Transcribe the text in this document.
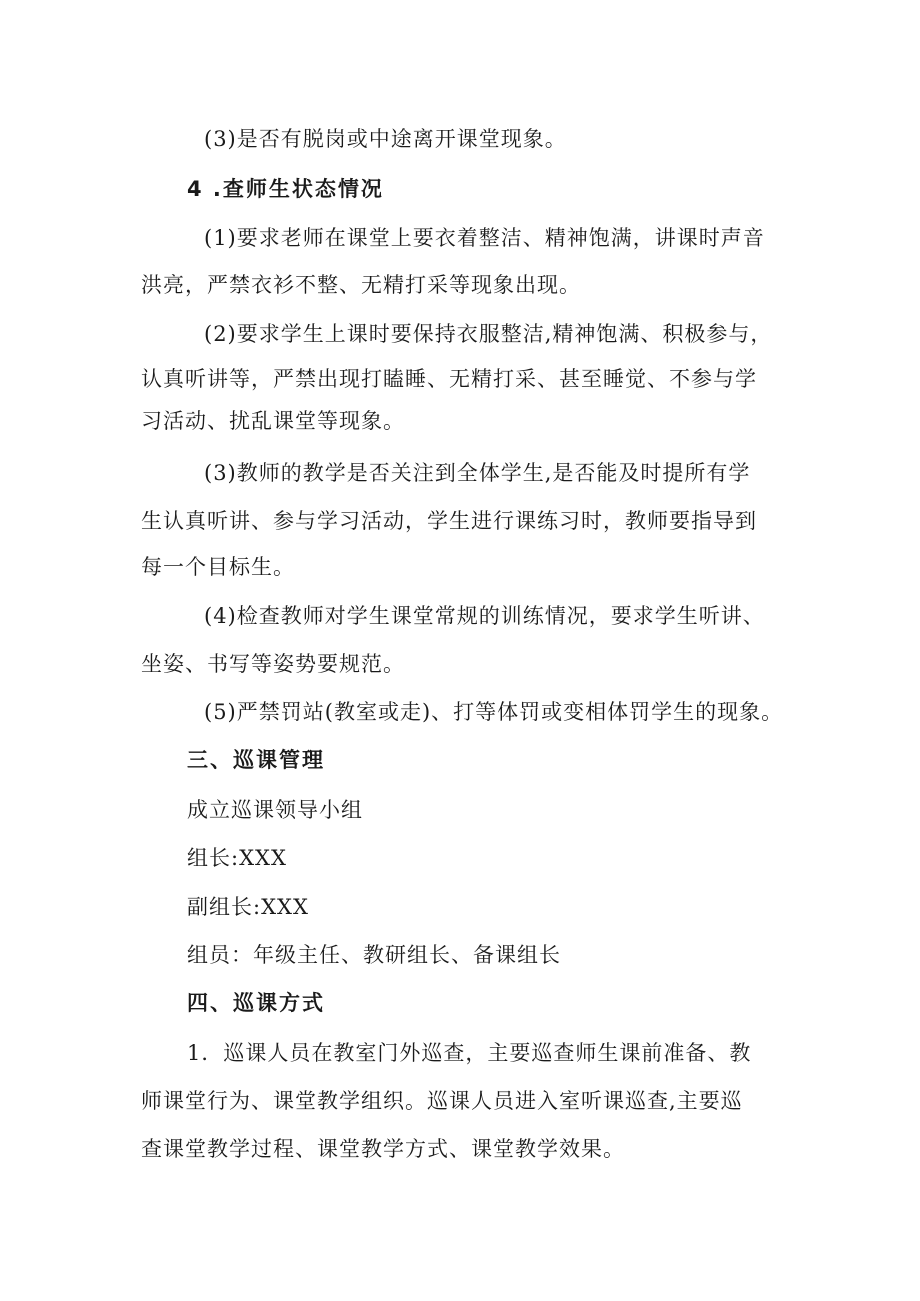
(3)是否有脱岗或中途离开课堂现象。
4 .查师生状态情况
(1)要求老师在课堂上要衣着整洁、精神饱满，讲课时声音
洪亮，严禁衣衫不整、无精打采等现象出现。
(2)要求学生上课时要保持衣服整洁,精神饱满、积极参与，
认真听讲等，严禁出现打瞌睡、无精打采、甚至睡觉、不参与学
习活动、扰乱课堂等现象。
(3)教师的教学是否关注到全体学生,是否能及时提所有学
生认真听讲、参与学习活动，学生进行课练习时，教师要指导到
每一个目标生。
(4)检查教师对学生课堂常规的训练情况，要求学生听讲、
坐姿、书写等姿势要规范。
(5)严禁罚站(教室或走)、打等体罚或变相体罚学生的现象。
三、巡课管理
成立巡课领导小组
组长:XXX
副组长:XXX
组员：年级主任、教研组长、备课组长
四、巡课方式
1．巡课人员在教室门外巡查，主要巡查师生课前准备、教
师课堂行为、课堂教学组织。巡课人员进入室听课巡查,主要巡
查课堂教学过程、课堂教学方式、课堂教学效果。
